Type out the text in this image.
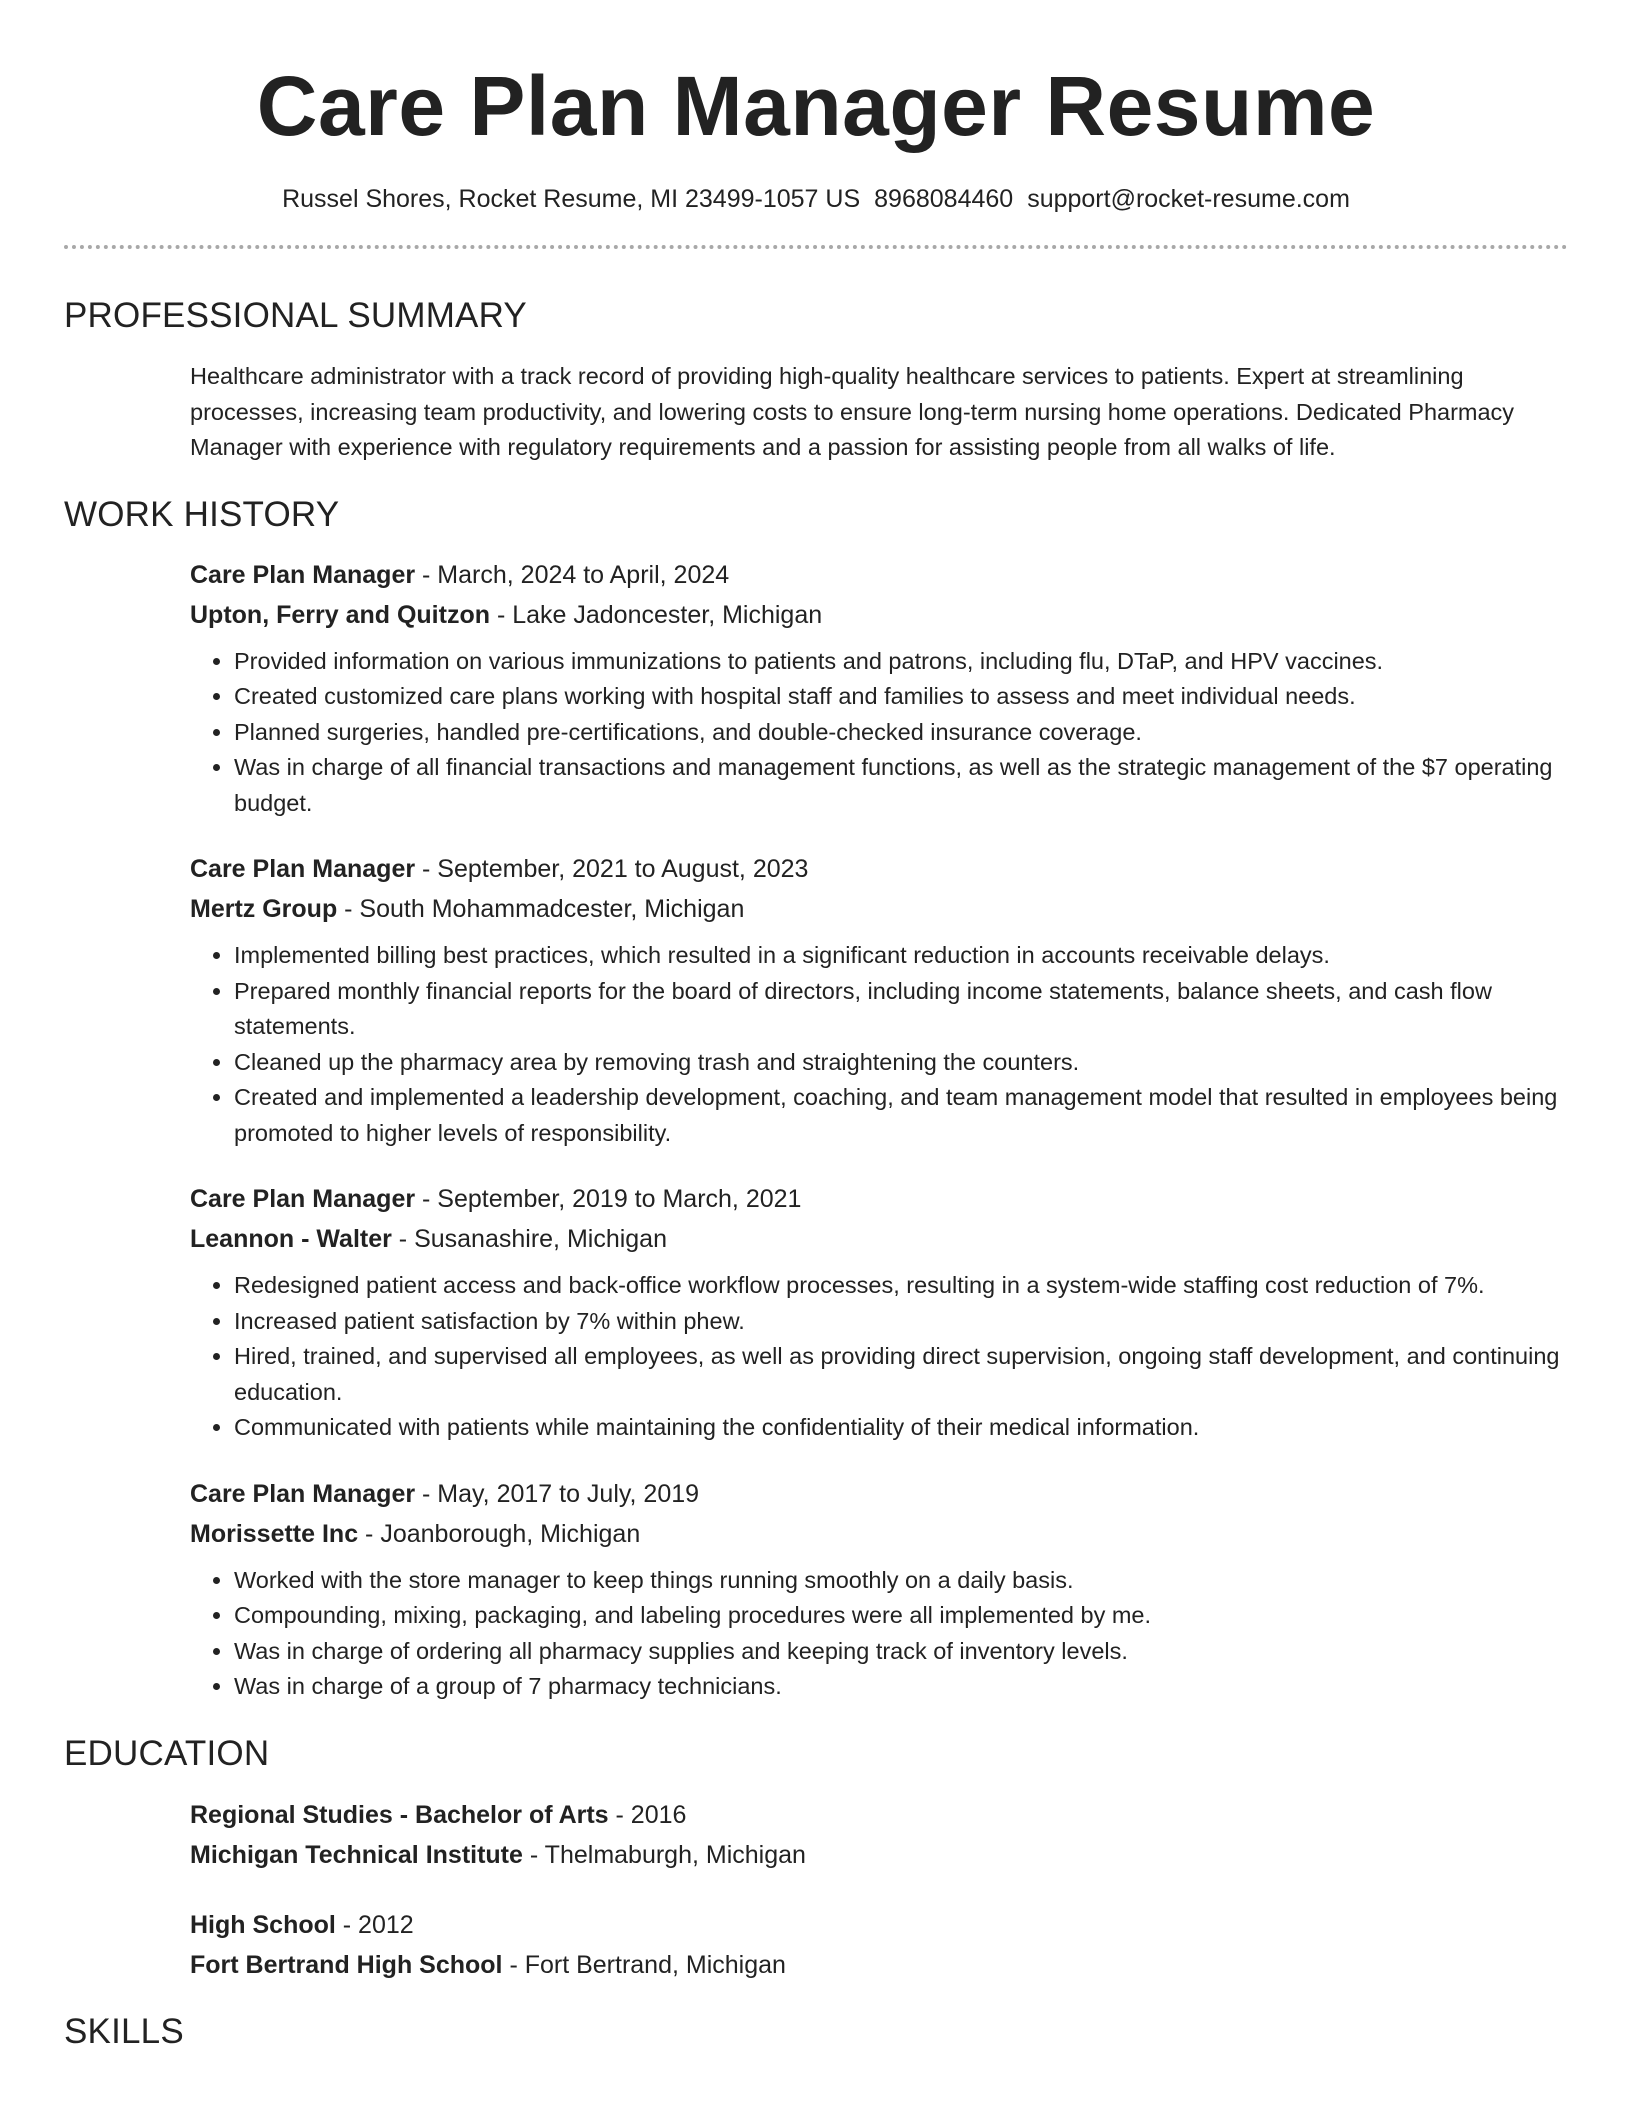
Care Plan Manager Resume
Russel Shores, Rocket Resume, MI 23499-1057 US 8968084460 support@rocket-resume.com
PROFESSIONAL SUMMARY

Healthcare administrator with a track record of providing high-quality healthcare services to patients. Expert at streamlining processes, increasing team productivity, and lowering costs to ensure long-term nursing home operations. Dedicated Pharmacy Manager with experience with regulatory requirements and a passion for assisting people from all walks of life.

WORK HISTORY
Care Plan Manager - March, 2024 to April, 2024
Upton, Ferry and Quitzon - Lake Jadoncester, Michigan
• Provided information on various immunizations to patients and patrons, including flu, DTaP, and HPV vaccines.
• Created customized care plans working with hospital staff and families to assess and meet individual needs.
• Planned surgeries, handled pre-certifications, and double-checked insurance coverage.
• Was in charge of all financial transactions and management functions, as well as the strategic management of the $7 operating budget.
Care Plan Manager - September, 2021 to August, 2023
Mertz Group - South Mohammadcester, Michigan
• Implemented billing best practices, which resulted in a significant reduction in accounts receivable delays.
• Prepared monthly financial reports for the board of directors, including income statements, balance sheets, and cash flow statements.
• Cleaned up the pharmacy area by removing trash and straightening the counters.
• Created and implemented a leadership development, coaching, and team management model that resulted in employees being promoted to higher levels of responsibility.
Care Plan Manager - September, 2019 to March, 2021
Leannon - Walter - Susanashire, Michigan
• Redesigned patient access and back-office workflow processes, resulting in a system-wide staffing cost reduction of 7%.
• Increased patient satisfaction by 7% within phew.
• Hired, trained, and supervised all employees, as well as providing direct supervision, ongoing staff development, and continuing education.
• Communicated with patients while maintaining the confidentiality of their medical information.
Care Plan Manager - May, 2017 to July, 2019
Morissette Inc - Joanborough, Michigan
• Worked with the store manager to keep things running smoothly on a daily basis.
• Compounding, mixing, packaging, and labeling procedures were all implemented by me.
• Was in charge of ordering all pharmacy supplies and keeping track of inventory levels.
• Was in charge of a group of 7 pharmacy technicians.
EDUCATION
Regional Studies - Bachelor of Arts - 2016
Michigan Technical Institute - Thelmaburgh, Michigan
High School - 2012
Fort Bertrand High School - Fort Bertrand, Michigan
SKILLS
